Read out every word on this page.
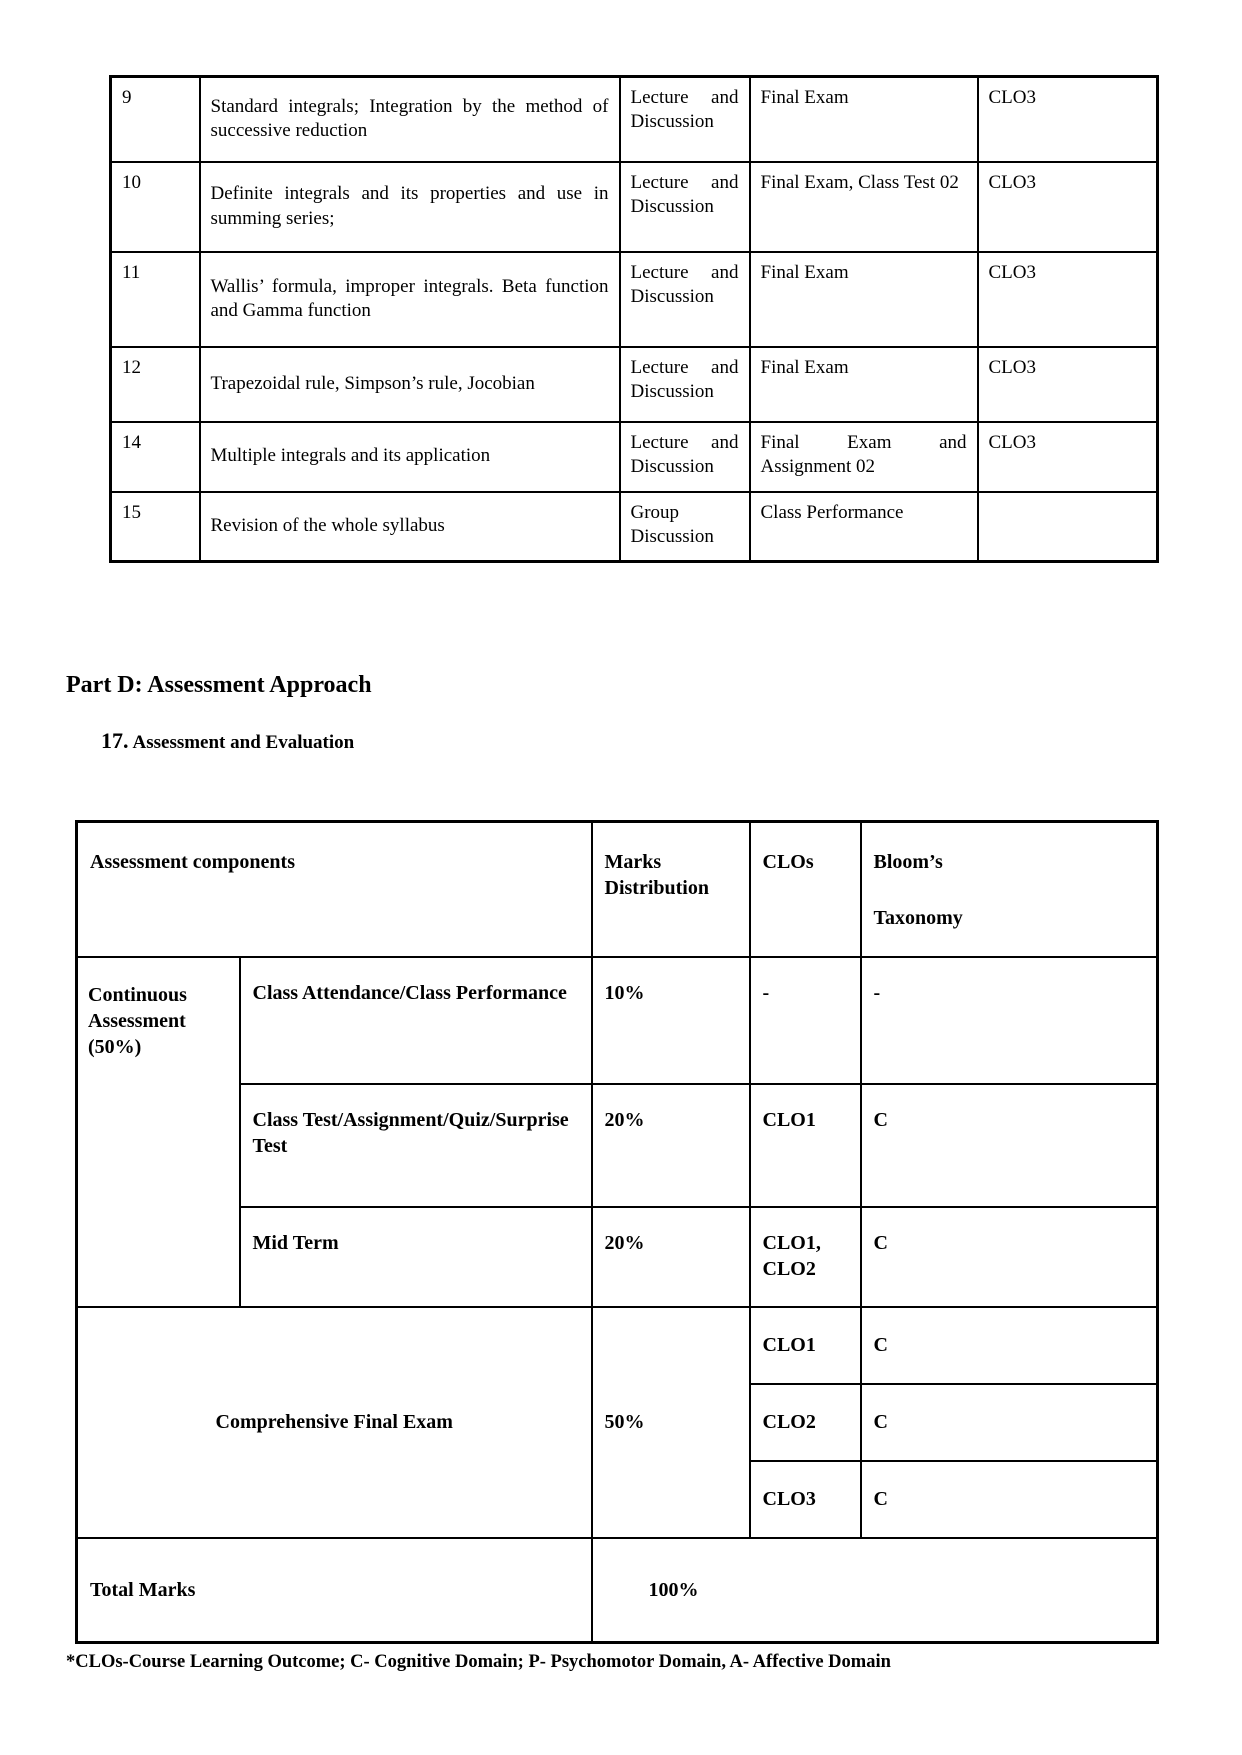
9	Standard integrals; Integration by the method of successive reduction	Lecture and Discussion	Final Exam	CLO3
10	Definite integrals and its properties and use in summing series;	Lecture and Discussion	Final Exam, Class Test 02	CLO3
11	Wallis’ formula, improper integrals. Beta function and Gamma function	Lecture and Discussion	Final Exam	CLO3
12	Trapezoidal rule, Simpson’s rule, Jocobian	Lecture and Discussion	Final Exam	CLO3
14	Multiple integrals and its application	Lecture and Discussion	Final Exam and Assignment 02	CLO3
15	Revision of the whole syllabus	Group Discussion	Class Performance	
Part D: Assessment Approach
17. Assessment and Evaluation
Assessment components		Marks Distribution	CLOs	Bloom’s
Taxonomy

Continuous Assessment (50%)	Class Attendance/Class Performance	10%	-	-
	Class Test/Assignment/Quiz/Surprise Test	20%	CLO1	C
	Mid Term	20%	CLO1, CLO2	C
Comprehensive Final Exam		50%	CLO1	C
			CLO2	C
			CLO3	C
Total Marks		100%		
*CLOs-Course Learning Outcome; C- Cognitive Domain; P- Psychomotor Domain, A- Affective Domain
